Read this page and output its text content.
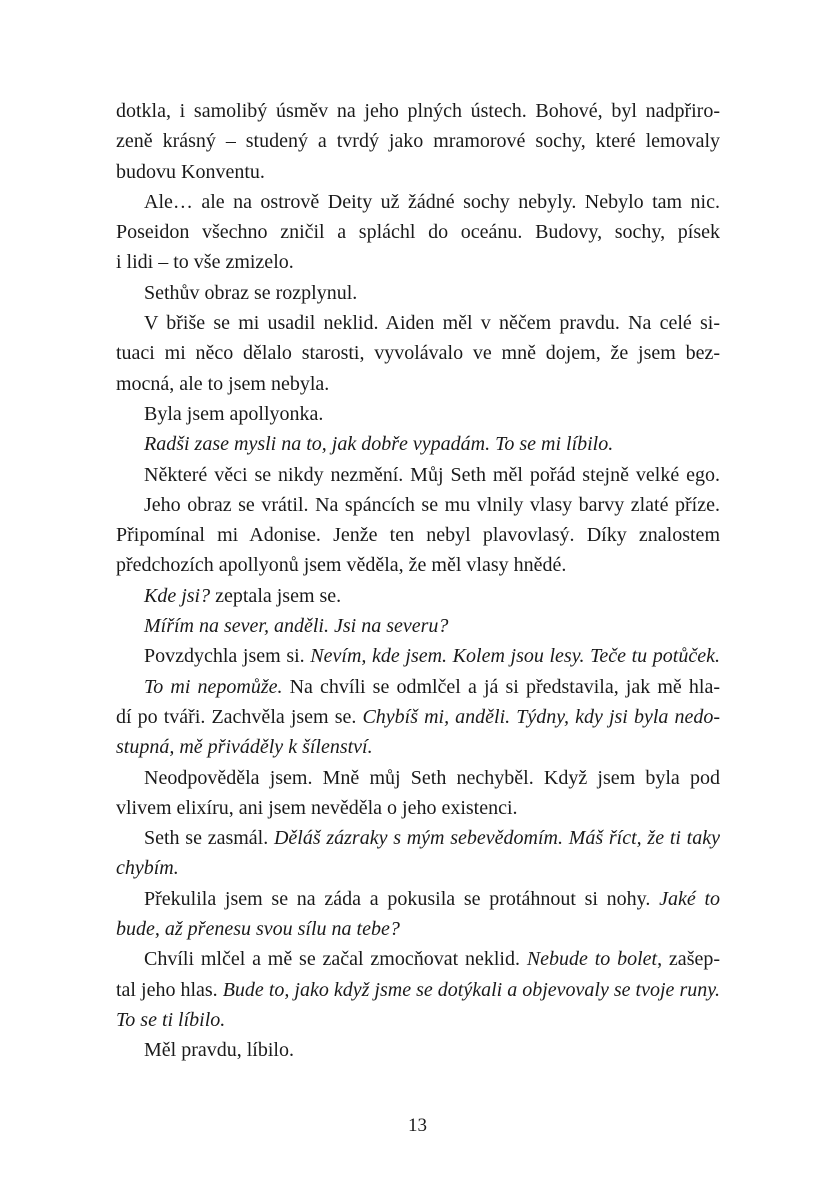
dotkla, i samolibý úsměv na jeho plných ústech. Bohové, byl nadpřiro-
zeně krásný – studený a tvrdý jako mramorové sochy, které lemovaly
budovu Konventu.
Ale… ale na ostrově Deity už žádné sochy nebyly. Nebylo tam nic.
Poseidon všechno zničil a spláchl do oceánu. Budovy, sochy, písek
i lidi – to vše zmizelo.
Sethův obraz se rozplynul.
V břiše se mi usadil neklid. Aiden měl v něčem pravdu. Na celé si-
tuaci mi něco dělalo starosti, vyvolávalo ve mně dojem, že jsem bez-
mocná, ale to jsem nebyla.
Byla jsem apollyonka.
Radši zase mysli na to, jak dobře vypadám. To se mi líbilo.
Některé věci se nikdy nezmění. Můj Seth měl pořád stejně velké ego.
Jeho obraz se vrátil. Na spáncích se mu vlnily vlasy barvy zlaté příze.
Připomínal mi Adonise. Jenže ten nebyl plavovlasý. Díky znalostem
předchozích apollyonů jsem věděla, že měl vlasy hnědé.
Kde jsi? zeptala jsem se.
Mířím na sever, anděli. Jsi na severu?
Povzdychla jsem si. Nevím, kde jsem. Kolem jsou lesy. Teče tu potůček.
To mi nepomůže. Na chvíli se odmlčel a já si představila, jak mě hla-
dí po tváři. Zachvěla jsem se. Chybíš mi, anděli. Týdny, kdy jsi byla nedo-
stupná, mě přiváděly k šílenství.
Neodpověděla jsem. Mně můj Seth nechyběl. Když jsem byla pod
vlivem elixíru, ani jsem nevěděla o jeho existenci.
Seth se zasmál. Děláš zázraky s mým sebevědomím. Máš říct, že ti taky
chybím.
Překulila jsem se na záda a pokusila se protáhnout si nohy. Jaké to
bude, až přenesu svou sílu na tebe?
Chvíli mlčel a mě se začal zmocňovat neklid. Nebude to bolet, zašep-
tal jeho hlas. Bude to, jako když jsme se dotýkali a objevovaly se tvoje runy.
To se ti líbilo.
Měl pravdu, líbilo.
13
